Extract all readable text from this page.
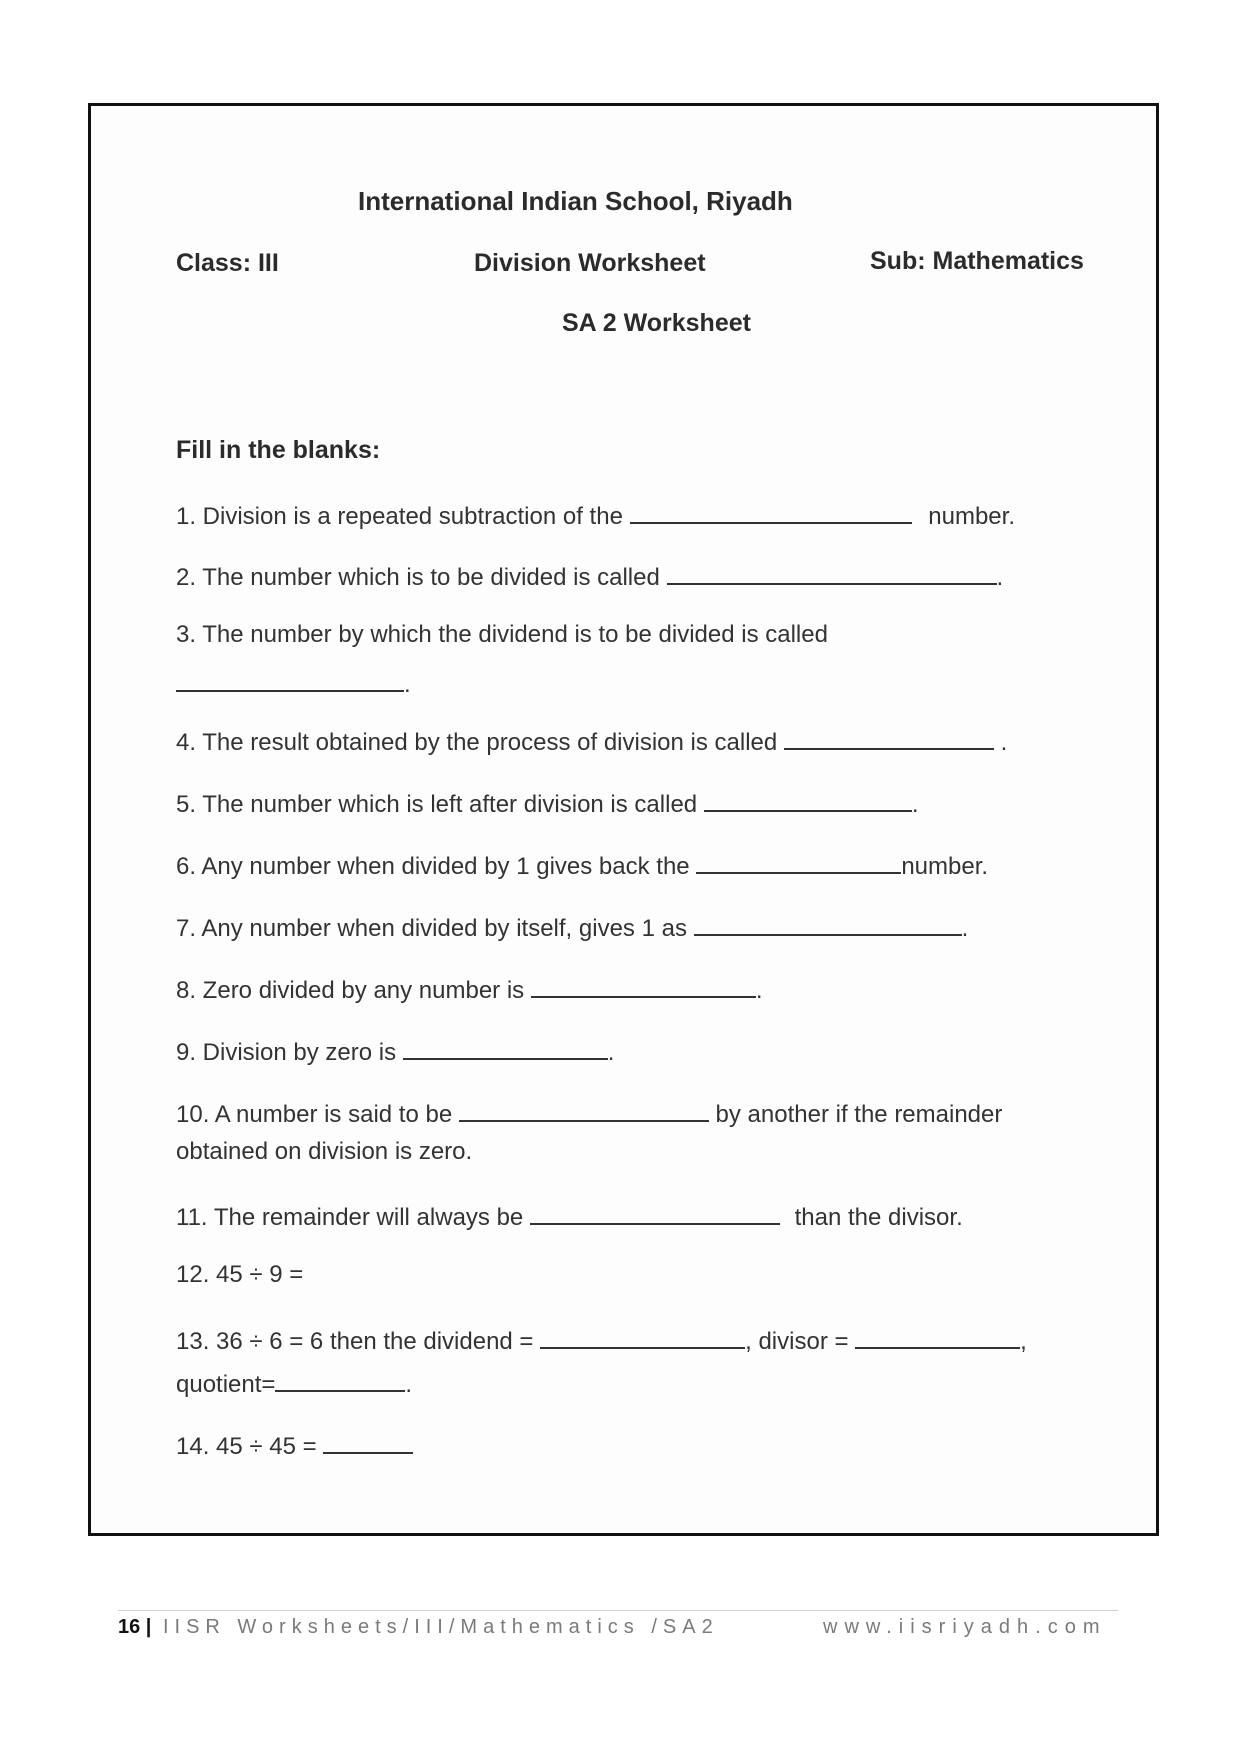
International Indian School, Riyadh
Class: III	Division Worksheet	Sub: Mathematics
SA 2 Worksheet
Fill in the blanks:
1. Division is a repeated subtraction of the	number.
2. The number which is to be divided is called	.
3. The number by which the dividend is to be divided is called
.
4. The result obtained by the process of division is called	.
5. The number which is left after division is called	.
6. Any number when divided by 1 gives back the	number.
7. Any number when divided by itself, gives 1 as	.
8. Zero divided by any number is	.
9. Division by zero is	.
10. A number is said to be	by another if the remainder
obtained on division is zero.
11. The remainder will always be	than the divisor.
12. 45 ÷ 9 =
13. 36 ÷ 6 = 6 then the dividend =	, divisor =	,
quotient=	.
14. 45 ÷ 45 =
16 | IISR Worksheets/III/Mathematics /SA2	www.iisriyadh.com
